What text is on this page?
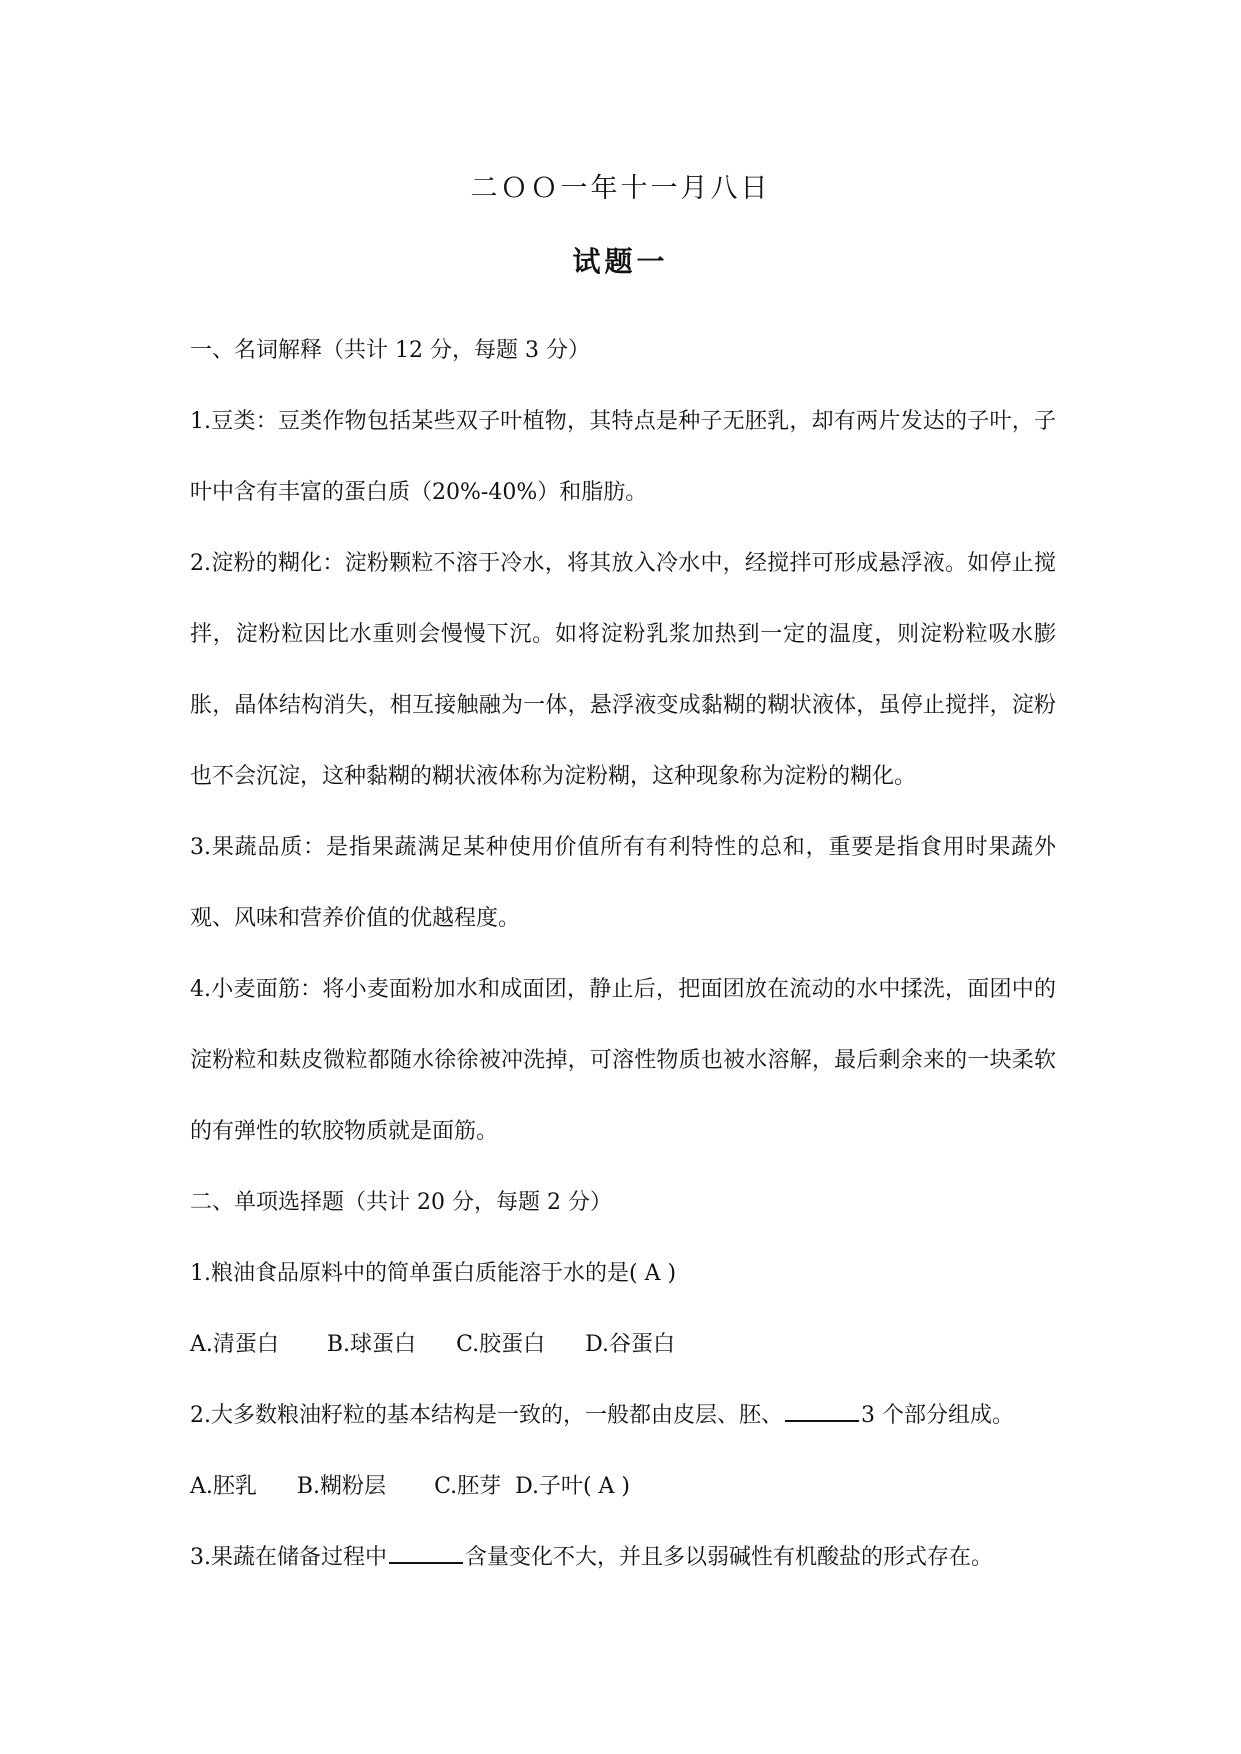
二ＯＯ一年十一月八日
试题一

一、名词解释（共计 12 分，每题 3 分）

1.豆类：豆类作物包括某些双子叶植物，其特点是种子无胚乳，却有两片发达的子叶，子叶中含有丰富的蛋白质（20%-40%）和脂肪。

2.淀粉的糊化：淀粉颗粒不溶于冷水，将其放入冷水中，经搅拌可形成悬浮液。如停止搅拌，淀粉粒因比水重则会慢慢下沉。如将淀粉乳浆加热到一定的温度，则淀粉粒吸水膨胀，晶体结构消失，相互接触融为一体，悬浮液变成黏糊的糊状液体，虽停止搅拌，淀粉也不会沉淀，这种黏糊的糊状液体称为淀粉糊，这种现象称为淀粉的糊化。

3.果蔬品质：是指果蔬满足某种使用价值所有有利特性的总和，重要是指食用时果蔬外观、风味和营养价值的优越程度。

4.小麦面筋：将小麦面粉加水和成面团，静止后，把面团放在流动的水中揉洗，面团中的淀粉粒和麸皮微粒都随水徐徐被冲洗掉，可溶性物质也被水溶解，最后剩余来的一块柔软的有弹性的软胶物质就是面筋。

二、单项选择题（共计 20 分，每题 2 分）

1.粮油食品原料中的简单蛋白质能溶于水的是( A )

A.清蛋白 B.球蛋白 C.胶蛋白 D.谷蛋白

2.大多数粮油籽粒的基本结构是一致的，一般都由皮层、胚、	3 个部分组成。

A.胚乳 B.糊粉层 C.胚芽 D.子叶( A )

3.果蔬在储备过程中	含量变化不大，并且多以弱碱性有机酸盐的形式存在。
